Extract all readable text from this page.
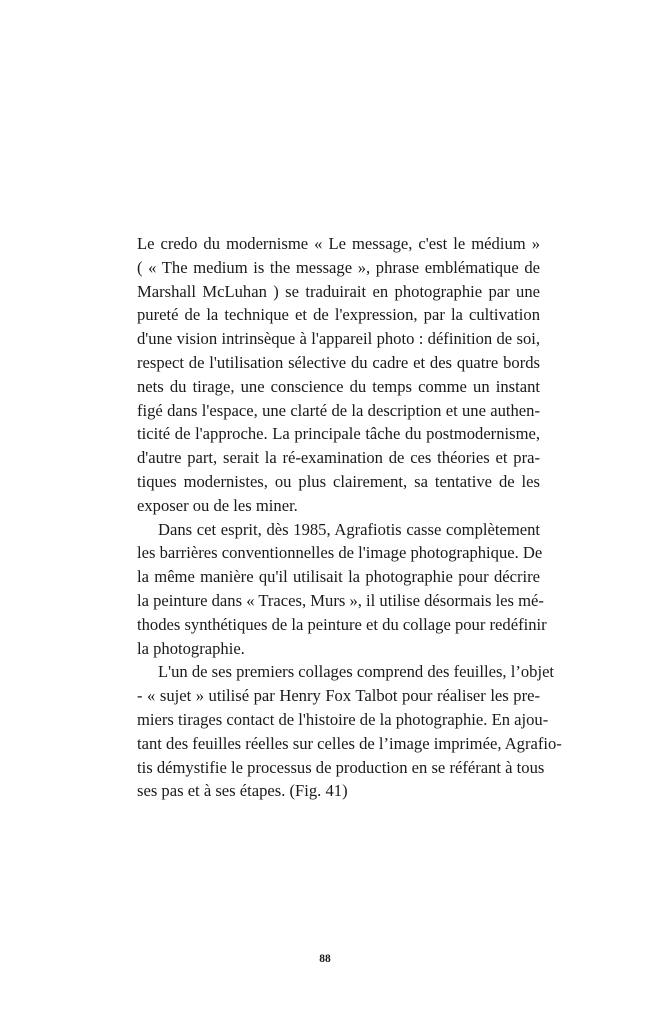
Le credo du modernisme « Le message, c'est le médium »
( « The medium is the message », phrase emblématique de
Marshall McLuhan ) se traduirait en photographie par une
pureté de la technique et de l'expression, par la cultivation
d'une vision intrinsèque à l'appareil photo : définition de soi,
respect de l'utilisation sélective du cadre et des quatre bords
nets du tirage, une conscience du temps comme un instant
figé dans l'espace, une clarté de la description et une authen-
ticité de l'approche. La principale tâche du postmodernisme,
d'autre part, serait la ré-examination de ces théories et pra-
tiques modernistes, ou plus clairement, sa tentative de les
exposer ou de les miner.
Dans cet esprit, dès 1985, Agrafiotis casse complètement
les barrières conventionnelles de l'image photographique. De
la même manière qu'il utilisait la photographie pour décrire
la peinture dans « Traces, Murs », il utilise désormais les mé-
thodes synthétiques de la peinture et du collage pour redéfinir
la photographie.
L'un de ses premiers collages comprend des feuilles, l’objet
- « sujet » utilisé par Henry Fox Talbot pour réaliser les pre-
miers tirages contact de l'histoire de la photographie. En ajou-
tant des feuilles réelles sur celles de l’image imprimée, Agrafio-
tis démystifie le processus de production en se référant à tous
ses pas et à ses étapes. (Fig. 41)
88
